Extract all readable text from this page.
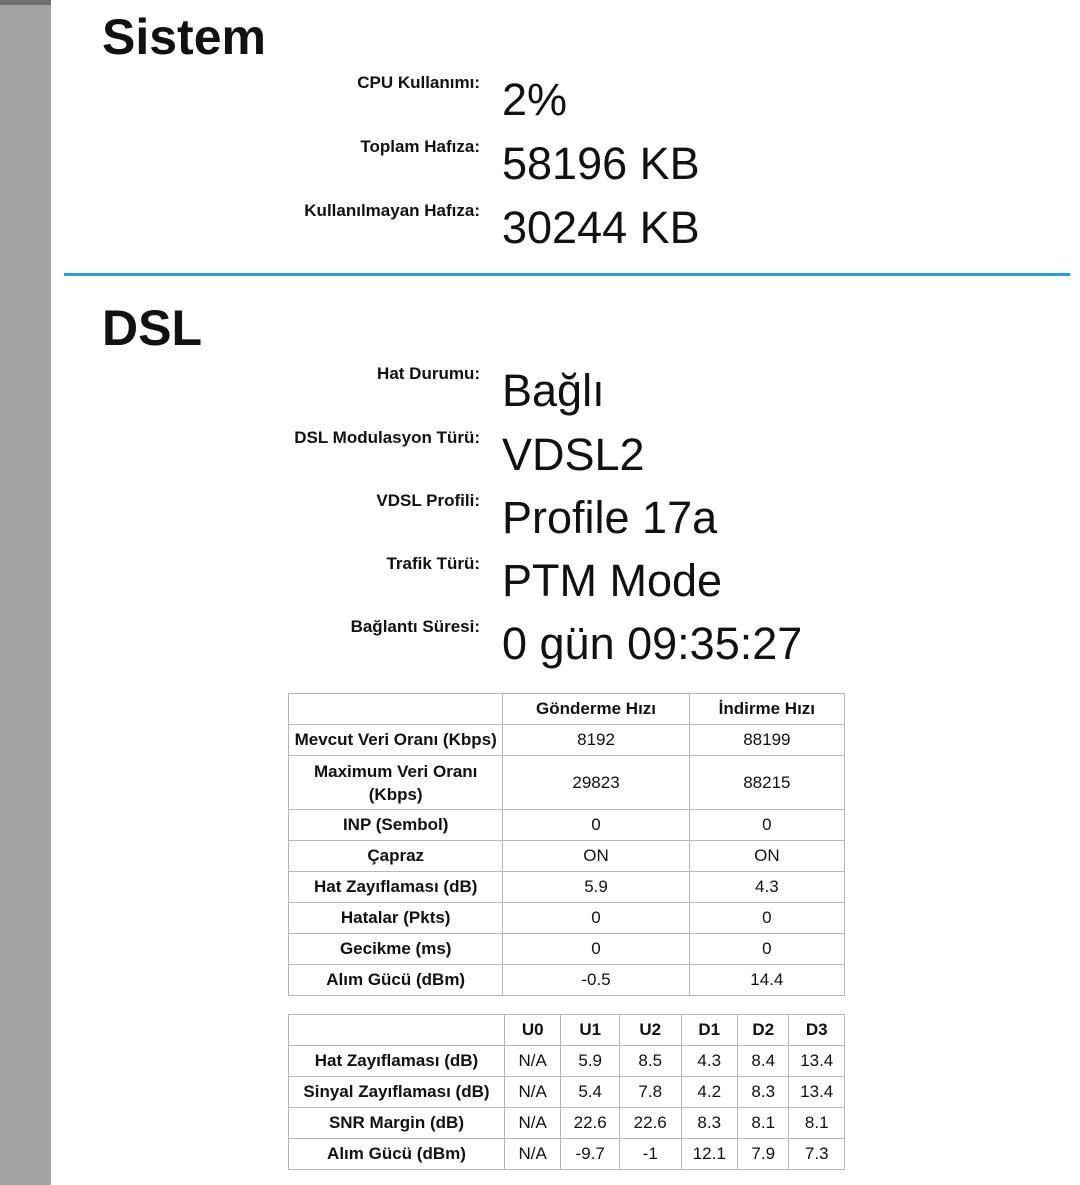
Sistem
CPU Kullanımı: 2%
Toplam Hafıza: 58196 KB
Kullanılmayan Hafıza: 30244 KB
DSL
Hat Durumu: Bağlı
DSL Modulasyon Türü: VDSL2
VDSL Profili: Profile 17a
Trafik Türü: PTM Mode
Bağlantı Süresi: 0 gün 09:35:27
	Gönderme Hızı	İndirme Hızı
Mevcut Veri Oranı (Kbps)	8192	88199
Maximum Veri Oranı (Kbps)	29823	88215
INP (Sembol)	0	0
Çapraz	ON	ON
Hat Zayıflaması (dB)	5.9	4.3
Hatalar (Pkts)	0	0
Gecikme (ms)	0	0
Alım Gücü (dBm)	-0.5	14.4
	U0	U1	U2	D1	D2	D3
Hat Zayıflaması (dB)	N/A	5.9	8.5	4.3	8.4	13.4
Sinyal Zayıflaması (dB)	N/A	5.4	7.8	4.2	8.3	13.4
SNR Margin (dB)	N/A	22.6	22.6	8.3	8.1	8.1
Alım Gücü (dBm)	N/A	-9.7	-1	12.1	7.9	7.3
